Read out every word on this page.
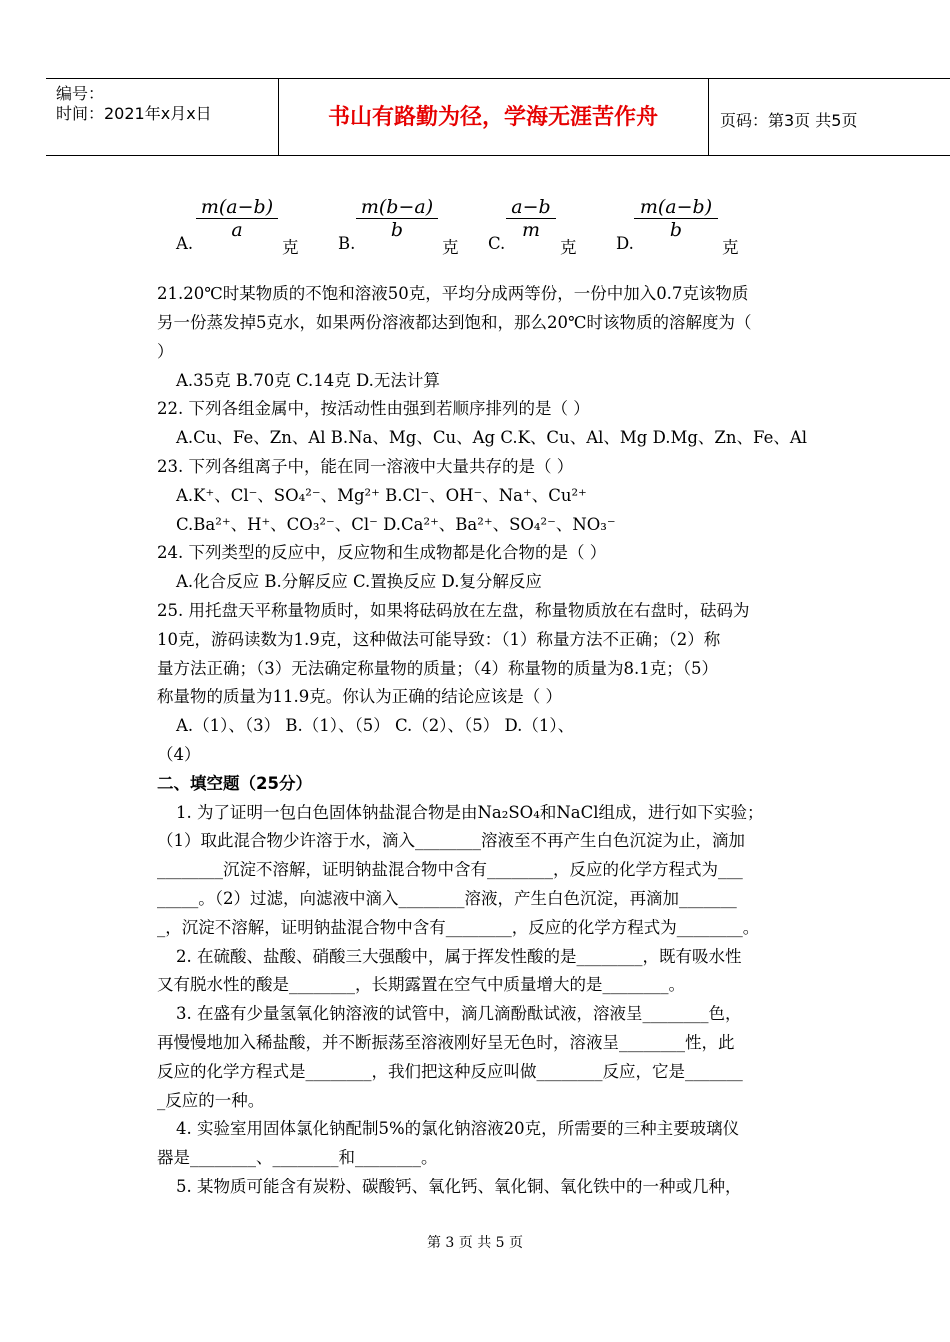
编号：
时间：2021年x月x日	书山有路勤为径，学海无涯苦作舟	页码：第3页 共5页
A.
$\frac{m(a-b)}{a}$
克 B.
$\frac{m(b-a)}{b}$
克 C.
$\frac{a-b}{m}$
克 D.
$\frac{m(a-b)}{b}$
克
21.20℃时某物质的不饱和溶液50克，平均分成两等份，一份中加入0.7克该物质
另一份蒸发掉5克水，如果两份溶液都达到饱和，那么20℃时该物质的溶解度为（
）
A.35克 B.70克 C.14克 D.无法计算
22. 下列各组金属中，按活动性由强到若顺序排列的是（ ）
A.Cu、Fe、Zn、Al B.Na、Mg、Cu、Ag C.K、Cu、Al、Mg D.Mg、Zn、Fe、Al
23. 下列各组离子中，能在同一溶液中大量共存的是（ ）
A.K⁺、Cl⁻、SO₄²⁻、Mg²⁺ B.Cl⁻、OH⁻、Na⁺、Cu²⁺
C.Ba²⁺、H⁺、CO₃²⁻、Cl⁻ D.Ca²⁺、Ba²⁺、SO₄²⁻、NO₃⁻
24. 下列类型的反应中，反应物和生成物都是化合物的是（ ）
A.化合反应 B.分解反应 C.置换反应 D.复分解反应
25. 用托盘天平称量物质时，如果将砝码放在左盘，称量物质放在右盘时，砝码为
10克，游码读数为1.9克，这种做法可能导致：（1）称量方法不正确；（2）称
量方法正确；（3）无法确定称量物的质量；（4）称量物的质量为8.1克；（5）
称量物的质量为11.9克。你认为正确的结论应该是（ ）
A.（1）、（3） B.（1）、（5） C.（2）、（5） D.（1）、
（4）
二、填空题（25分）
1. 为了证明一包白色固体钠盐混合物是由Na₂SO₄和NaCl组成，进行如下实验；
（1）取此混合物少许溶于水，滴入________溶液至不再产生白色沉淀为止，滴加
________沉淀不溶解，证明钠盐混合物中含有________，反应的化学方程式为___
_____。（2）过滤，向滤液中滴入________溶液，产生白色沉淀，再滴加_______
_，沉淀不溶解，证明钠盐混合物中含有________，反应的化学方程式为________。
2. 在硫酸、盐酸、硝酸三大强酸中，属于挥发性酸的是________，既有吸水性
又有脱水性的酸是________，长期露置在空气中质量增大的是________。
3. 在盛有少量氢氧化钠溶液的试管中，滴几滴酚酞试液，溶液呈________色，
再慢慢地加入稀盐酸，并不断振荡至溶液刚好呈无色时，溶液呈________性，此
反应的化学方程式是________，我们把这种反应叫做________反应，它是_______
_反应的一种。
4. 实验室用固体氯化钠配制5%的氯化钠溶液20克，所需要的三种主要玻璃仪
器是________、________和________。
5. 某物质可能含有炭粉、碳酸钙、氧化钙、氧化铜、氧化铁中的一种或几种，
第 3 页 共 5 页
